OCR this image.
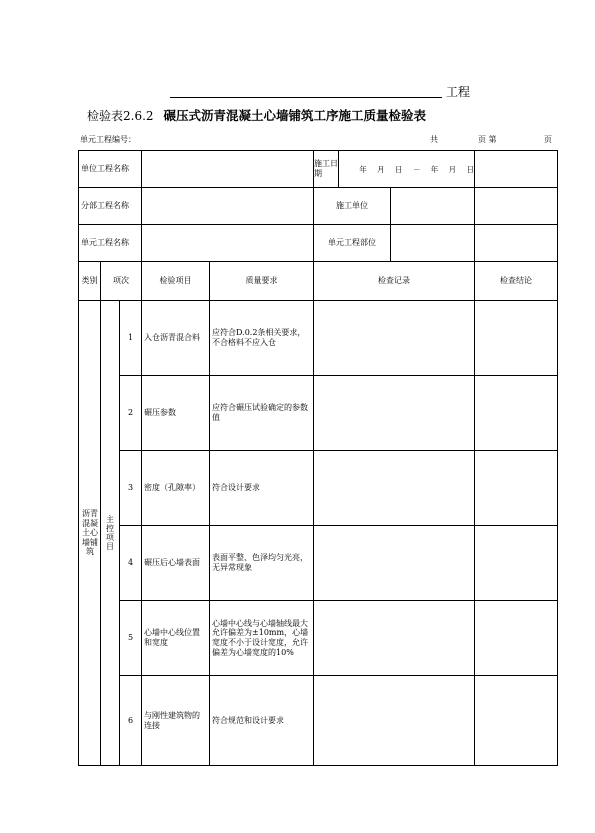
工程
检验表2.6.2 碾压式沥青混凝土心墙铺筑工序施工质量检验表
单元工程编号：	共	页 第	页
单位工程名称					施工日期 年 月 日 － 年 月 日	

分部工程名称					施工单位	

单元工程名称					单元工程部位	

类别	项次		检验项目	质量要求	检查记录	检查结论

沥青混凝土心墙铺筑	主控项目	1	入仓沥青混合料	应符合D.0.2条相关要求，不合格料不应入仓		
		2	碾压参数	应符合碾压试验确定的参数值		
		3	密度（孔隙率）	符合设计要求		
		4	碾压后心墙表面	表面平整、色泽均匀光亮，无异常现象		
		5	心墙中心线位置和宽度	心墙中心线与心墙轴线最大允许偏差为±10mm，心墙宽度不小于设计宽度，允许偏差为心墙宽度的10%		
		6	与刚性建筑物的连接	符合规范和设计要求		
